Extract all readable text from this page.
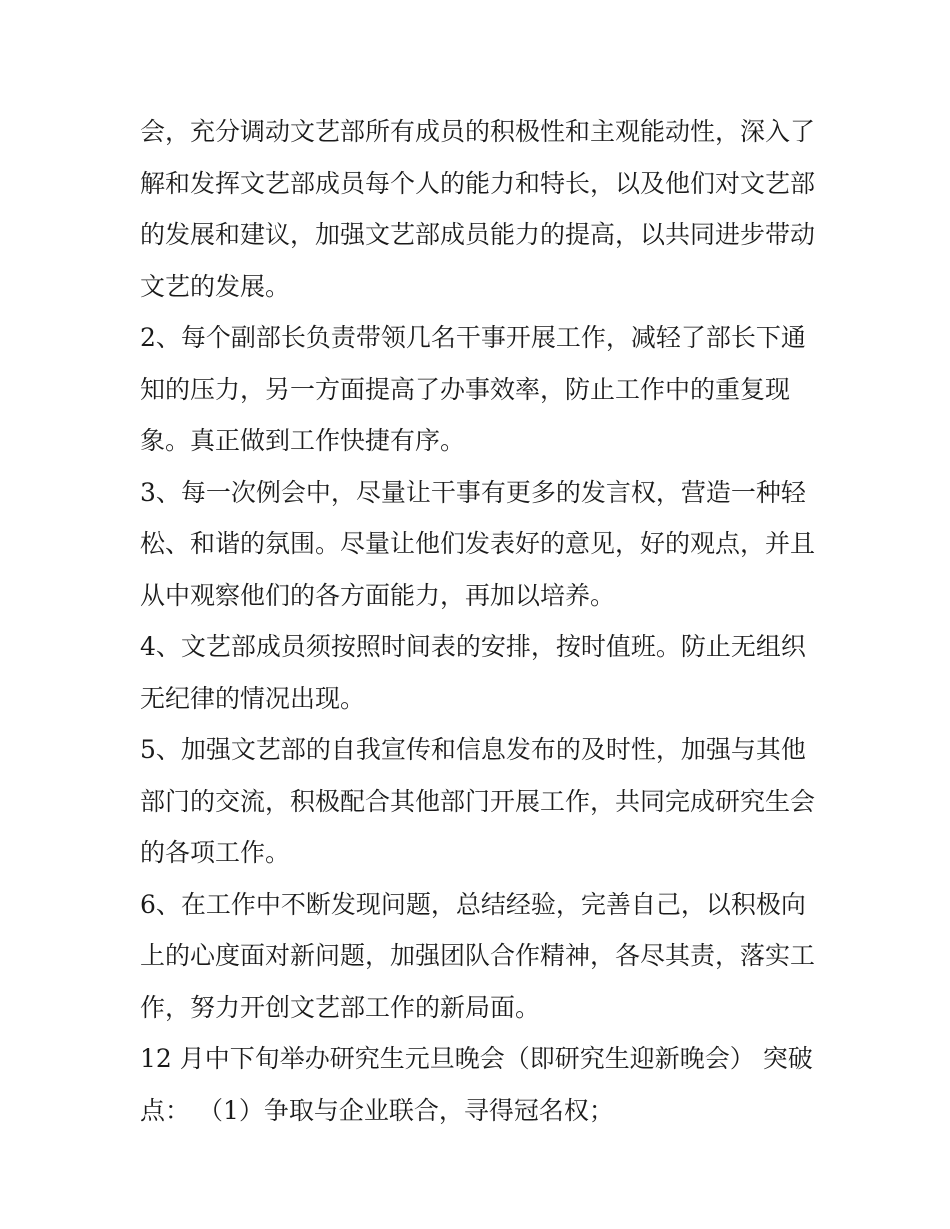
会，充分调动文艺部所有成员的积极性和主观能动性，深入了
解和发挥文艺部成员每个人的能力和特长，以及他们对文艺部
的发展和建议，加强文艺部成员能力的提高，以共同进步带动
文艺的发展。
2、每个副部长负责带领几名干事开展工作，减轻了部长下通
知的压力，另一方面提高了办事效率，防止工作中的重复现
象。真正做到工作快捷有序。
3、每一次例会中，尽量让干事有更多的发言权，营造一种轻
松、和谐的氛围。尽量让他们发表好的意见，好的观点，并且
从中观察他们的各方面能力，再加以培养。
4、文艺部成员须按照时间表的安排，按时值班。防止无组织
无纪律的情况出现。
5、加强文艺部的自我宣传和信息发布的及时性，加强与其他
部门的交流，积极配合其他部门开展工作，共同完成研究生会
的各项工作。
6、在工作中不断发现问题，总结经验，完善自己，以积极向
上的心度面对新问题，加强团队合作精神，各尽其责，落实工
作，努力开创文艺部工作的新局面。
12 月中下旬举办研究生元旦晚会（即研究生迎新晚会） 突破
点： （1）争取与企业联合，寻得冠名权；
